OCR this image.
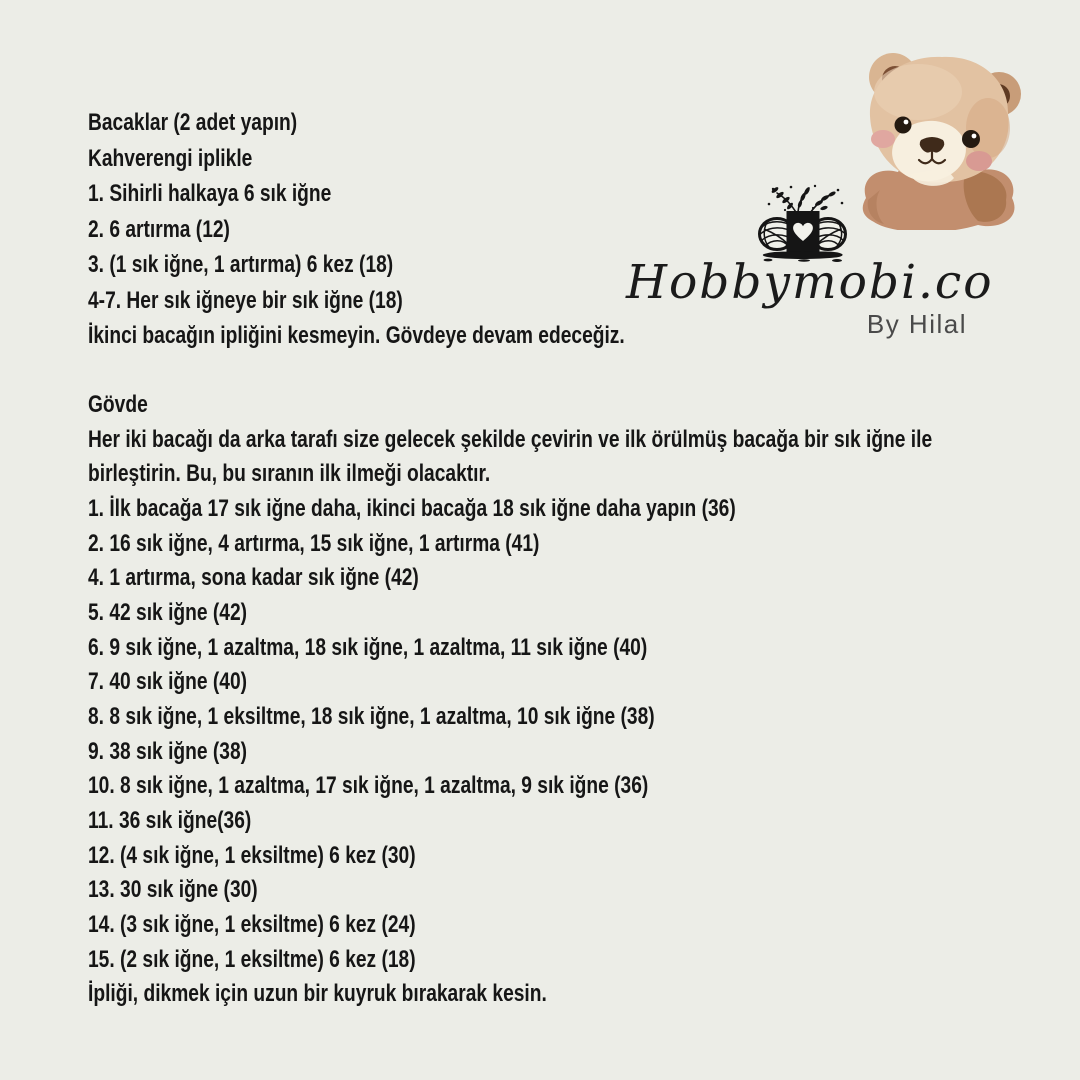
Bacaklar (2 adet yapın)
Kahverengi iplikle
1. Sihirli halkaya 6 sık iğne
2. 6 artırma (12)
3. (1 sık iğne, 1 artırma) 6 kez (18)
4-7. Her sık iğneye bir sık iğne (18)
İkinci bacağın ipliğini kesmeyin. Gövdeye devam edeceğiz.
Gövde
Her iki bacağı da arka tarafı size gelecek şekilde çevirin ve ilk örülmüş bacağa bir sık iğne ile
birleştirin. Bu, bu sıranın ilk ilmeği olacaktır.
1. İlk bacağa 17 sık iğne daha, ikinci bacağa 18 sık iğne daha yapın (36)
2. 16 sık iğne, 4 artırma, 15 sık iğne, 1 artırma (41)
4. 1 artırma, sona kadar sık iğne (42)
5. 42 sık iğne (42)
6. 9 sık iğne, 1 azaltma, 18 sık iğne, 1 azaltma, 11 sık iğne (40)
7. 40 sık iğne (40)
8. 8 sık iğne, 1 eksiltme, 18 sık iğne, 1 azaltma, 10 sık iğne (38)
9. 38 sık iğne (38)
10. 8 sık iğne, 1 azaltma, 17 sık iğne, 1 azaltma, 9 sık iğne (36)
11. 36 sık iğne(36)
12. (4 sık iğne, 1 eksiltme) 6 kez (30)
13. 30 sık iğne (30)
14. (3 sık iğne, 1 eksiltme) 6 kez (24)
15. (2 sık iğne, 1 eksiltme) 6 kez (18)
İpliği, dikmek için uzun bir kuyruk bırakarak kesin.
Hobbymobi.co
By Hilal
